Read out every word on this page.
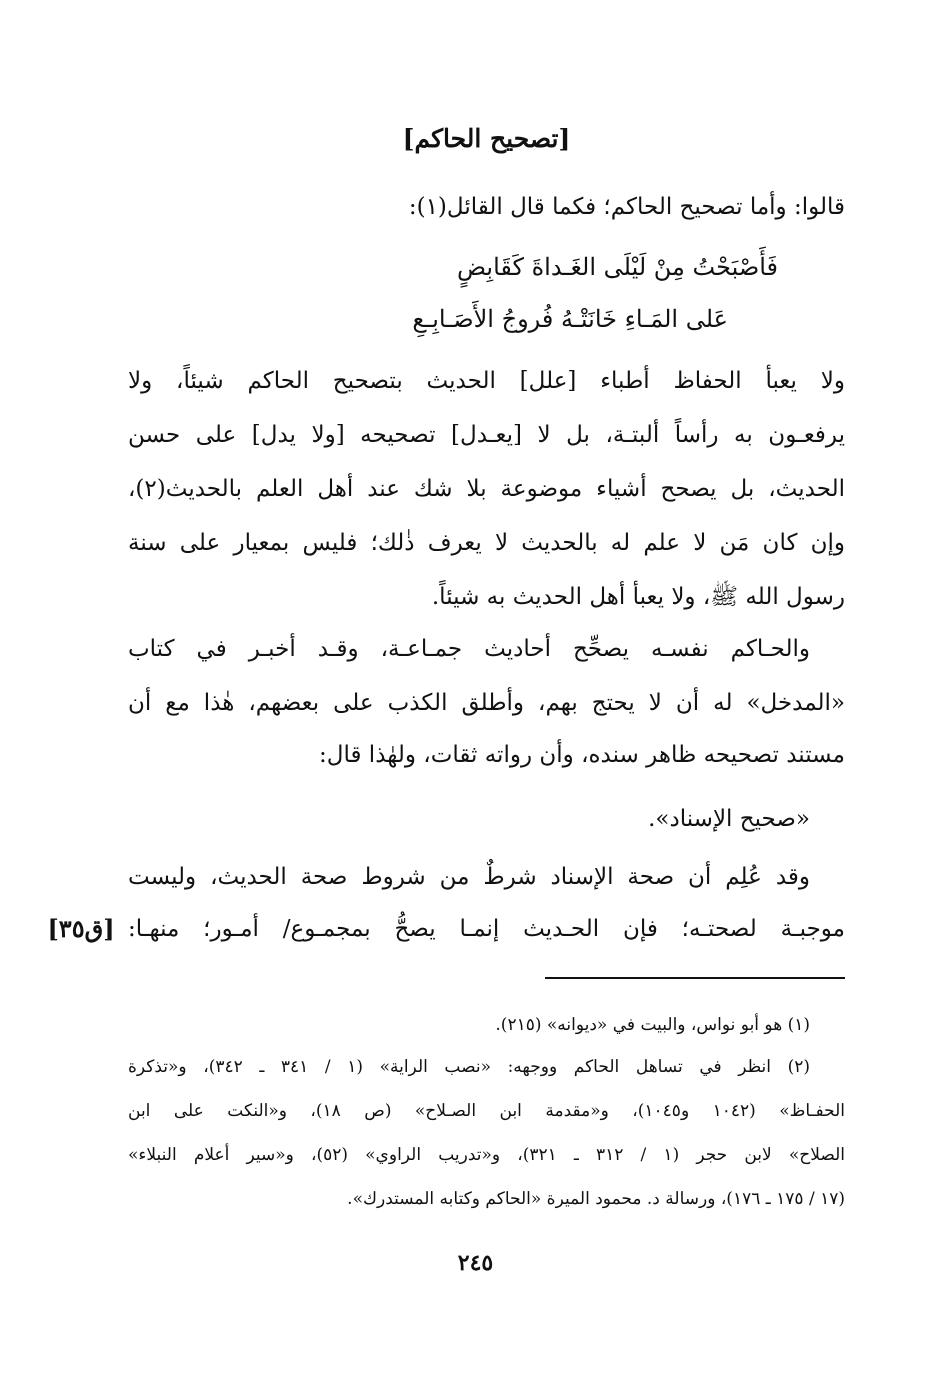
[تصحيح الحاكم]
قالوا: وأما تصحيح الحاكم؛ فكما قال القائل(١):
فَأَصْبَحْتُ مِنْ لَيْلَى الغَـداةَ كَقَابِضٍ
عَلى المَـاءِ خَانَتْـهُ فُروجُ الأَصَـابِـعِ
ولا يعبأ الحفاظ أطباء [علل] الحديث بتصحيح الحاكم شيئاً، ولا
يرفعـون به رأساً ألبتـة، بل لا [يعـدل] تصحيحه [ولا يدل] على حسن
الحديث، بل يصحح أشياء موضوعة بلا شك عند أهل العلم بالحديث(٢)،
وإن كان مَن لا علم له بالحديث لا يعرف ذٰلك؛ فليس بمعيار على سنة
رسول الله ﷺ، ولا يعبأ أهل الحديث به شيئاً.
والحـاكم نفسـه يصحِّح أحاديث جمـاعـة، وقـد أخبـر في كتاب
«المدخل» له أن لا يحتج بهم، وأطلق الكذب على بعضهم، هٰذا مع أن
مستند تصحيحه ظاهر سنده، وأن رواته ثقات، ولهٰذا قال:
«صحيح الإسناد».
وقد عُلِم أن صحة الإسناد شرطٌ من شروط صحة الحديث، وليست
موجبـة لصحتـه؛ فإن الحـديث إنمـا يصحُّ بمجمـوع/ أمـور؛ منهـا:
[ق٣٥]
(١) هو أبو نواس، والبيت في «ديوانه» (٢١٥).
(٢) انظر في تساهل الحاكم ووجهه: «نصب الراية» (١ / ٣٤١ ـ ٣٤٢)، و«تذكرة
الحفـاظ» (١٠٤٢ و١٠٤٥)، و«مقدمة ابن الصـلاح» (ص ١٨)، و«النكت على ابن
الصلاح» لابن حجر (١ / ٣١٢ ـ ٣٢١)، و«تدريب الراوي» (٥٢)، و«سير أعلام النبلاء»
(١٧ / ١٧٥ ـ ١٧٦)، ورسالة د. محمود الميرة «الحاكم وكتابه المستدرك».
٢٤٥
